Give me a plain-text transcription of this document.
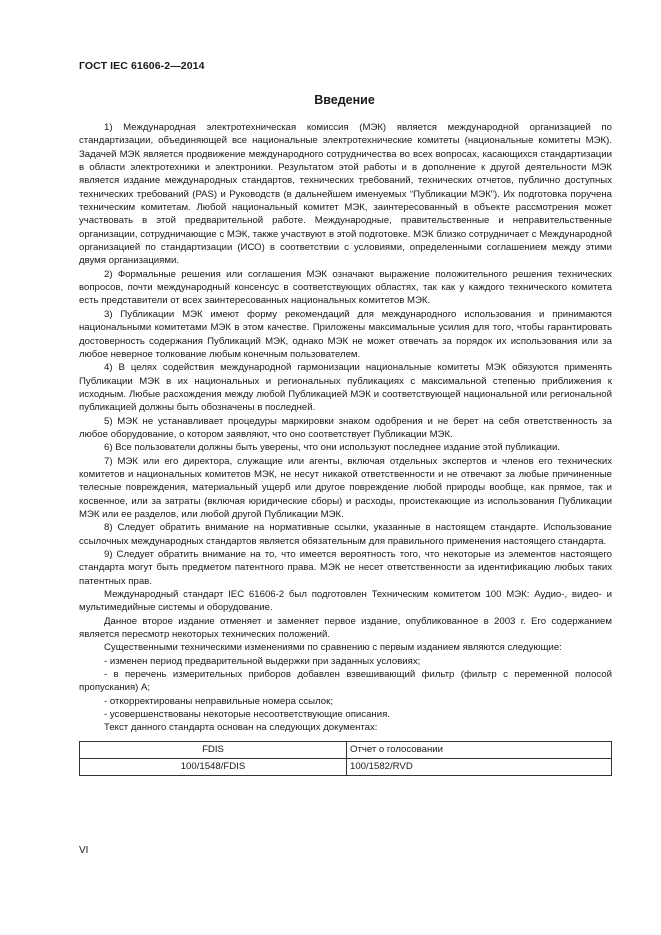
ГОСТ IEC 61606-2—2014
Введение

1) Международная электротехническая комиссия (МЭК) является международной организацией по стандартизации, объединяющей все национальные электротехнические комитеты (национальные комитеты МЭК). Задачей МЭК является продвижение международного сотрудничества во всех вопросах, касающихся стандартизации в области электротехники и электроники. Результатом этой работы и в дополнение к другой деятельности МЭК является издание международных стандартов, технических требований, технических отчетов, публично доступных технических требований (PAS) и Руководств (в дальнейшем именуемых “Публикации МЭК”). Их подготовка поручена техническим комитетам. Любой национальный комитет МЭК, заинтересованный в объекте рассмотрения может участвовать в этой предварительной работе. Международные, правительственные и неправительственные организации, сотрудничающие с МЭК, также участвуют в этой подготовке. МЭК близко сотрудничает с Международной организацией по стандартизации (ИСО) в соответствии с условиями, определенными соглашением между этими двумя организациями.

2) Формальные решения или соглашения МЭК означают выражение положительного решения технических вопросов, почти международный консенсус в соответствующих областях, так как у каждого технического комитета есть представители от всех заинтересованных национальных комитетов МЭК.

3) Публикации МЭК имеют форму рекомендаций для международного использования и принимаются национальными комитетами МЭК в этом качестве. Приложены максимальные усилия для того, чтобы гарантировать достоверность содержания Публикаций МЭК, однако МЭК не может отвечать за порядок их использования или за любое неверное толкование любым конечным пользователем.

4) В целях содействия международной гармонизации национальные комитеты МЭК обязуются применять Публикации МЭК в их национальных и региональных публикациях с максимальной степенью приближения к исходным. Любые расхождения между любой Публикацией МЭК и соответствующей национальной или региональной публикацией должны быть обозначены в последней.

5) МЭК не устанавливает процедуры маркировки знаком одобрения и не берет на себя ответственность за любое оборудование, о котором заявляют, что оно соответствует Публикации МЭК.

6) Все пользователи должны быть уверены, что они используют последнее издание этой публикации.

7) МЭК или его директора, служащие или агенты, включая отдельных экспертов и членов его технических комитетов и национальных комитетов МЭК, не несут никакой ответственности и не отвечают за любые причиненные телесные повреждения, материальный ущерб или другое повреждение любой природы вообще, как прямое, так и косвенное, или за затраты (включая юридические сборы) и расходы, проистекающие из использования Публикации МЭК или ее разделов, или любой другой Публикации МЭК.

8) Следует обратить внимание на нормативные ссылки, указанные в настоящем стандарте. Использование ссылочных международных стандартов является обязательным для правильного применения настоящего стандарта.

9) Следует обратить внимание на то, что имеется вероятность того, что некоторые из элементов настоящего стандарта могут быть предметом патентного права. МЭК не несет ответственности за идентификацию любых таких патентных прав.

Международный стандарт IEC 61606-2 был подготовлен Техническим комитетом 100 МЭК: Аудио-, видео- и мультимедийные системы и оборудование.

Данное второе издание отменяет и заменяет первое издание, опубликованное в 2003 г. Его содержанием является пересмотр некоторых технических положений.

Существенными техническими изменениями по сравнению с первым изданием являются следующие:

- изменен период предварительной выдержки при заданных условиях;

- в перечень измерительных приборов добавлен взвешивающий фильтр (фильтр с переменной полосой пропускания) А;

- откорректированы неправильные номера ссылок;

- усовершенствованы некоторые несоответствующие описания.

Текст данного стандарта основан на следующих документах:

FDIS	Отчет о голосовании
100/1548/FDIS	100/1582/RVD
VI
